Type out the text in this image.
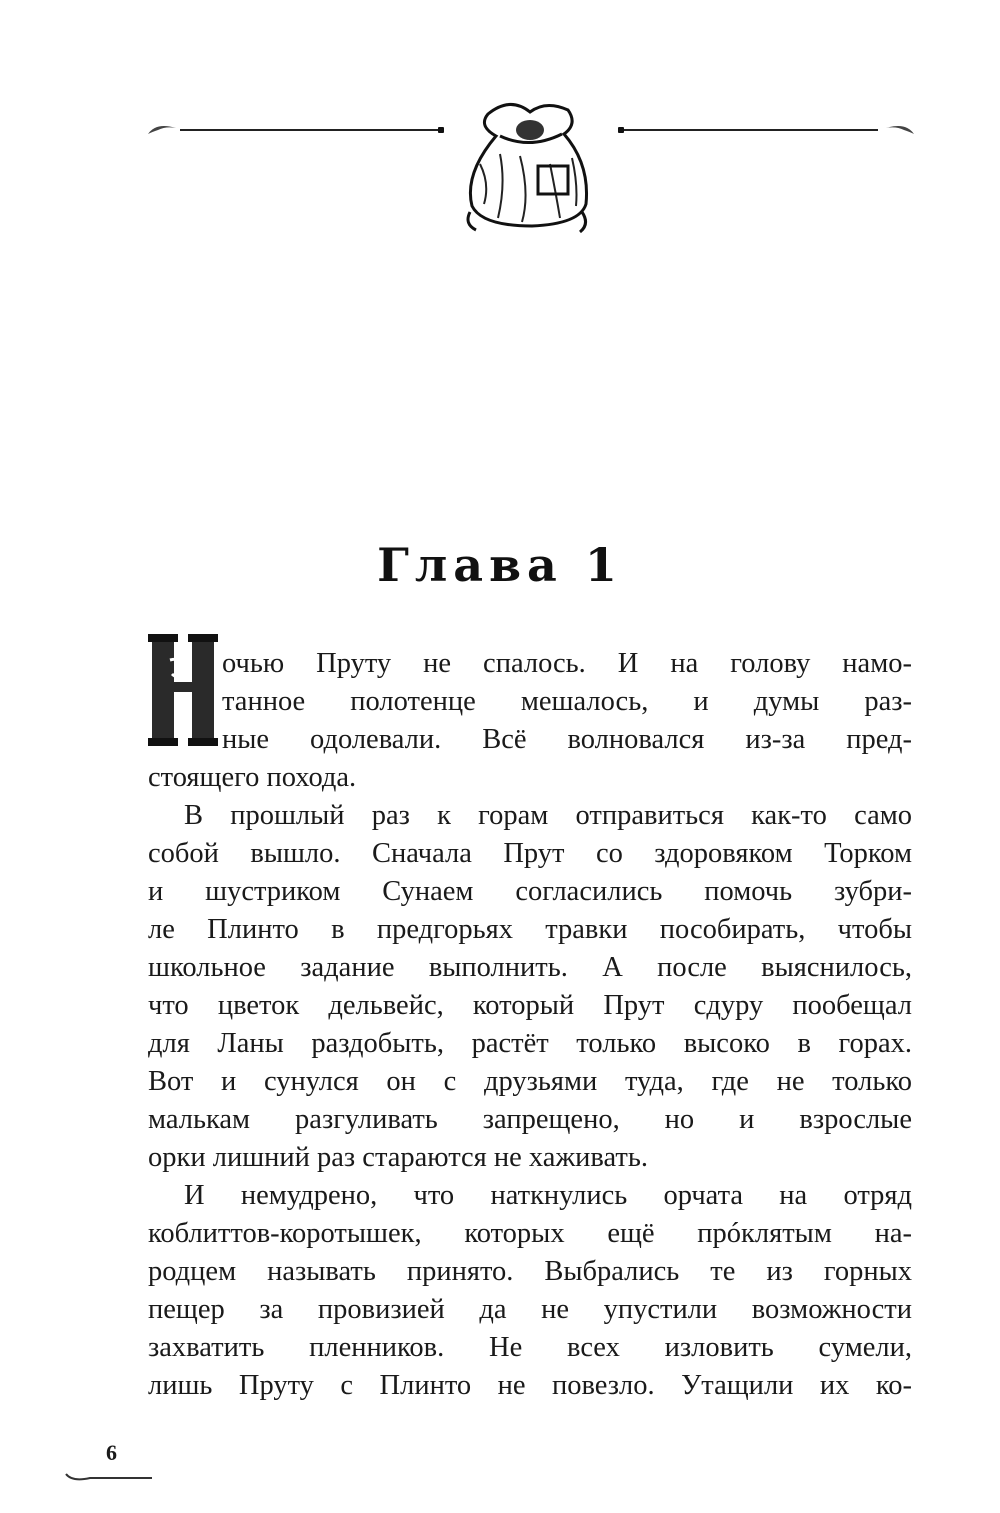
Глава 1
Н
очью Пруту не спалось. И на голову намо-
танное полотенце мешалось, и думы раз-
ные одолевали. Всё волновался из-за пред-
стоящего похода.
В прошлый раз к горам отправиться как-то само
собой вышло. Сначала Прут со здоровяком Торком
и шустриком Сунаем согласились помочь зубри-
ле Плинто в предгорьях травки пособирать, чтобы
школьное задание выполнить. А после выяснилось,
что цветок дельвейс, который Прут сдуру пообещал
для Ланы раздобыть, растёт только высоко в горах.
Вот и сунулся он с друзьями туда, где не только
малькам разгуливать запрещено, но и взрослые
орки лишний раз стараются не хаживать.
И немудрено, что наткнулись орчата на отряд
коблиттов-коротышек, которых ещё прóклятым на-
родцем называть принято. Выбрались те из горных
пещер за провизией да не упустили возможности
захватить пленников. Не всех изловить сумели,
лишь Пруту с Плинто не повезло. Утащили их ко-
6
